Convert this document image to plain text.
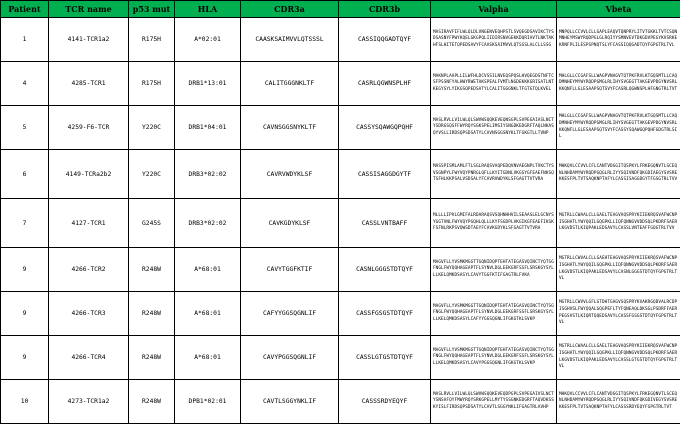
Patient	TCR name	p53 mut	HLA	CDR3a	CDR3b	Valpha	Vbeta
1	4141-TCR1a2	R175H	A*02:01	CAASKSAIMVVLQTSSSL	CASSIQQGADTQYF	MASIRAVFIFLWLQLDLVNGENVEQHPSTLSVQEGDSAVIKCTYSDSASNYFPWYKQELGKGPQLIIDIRSNVGEKKDQRIAVTLNKTAKHFSLHITETQPEDSAVYFCAASKSAIMVVLQTSSSLALCLLSSG	MNPQLLCCVVLCLLGAPLEAQVTQNPRYLITVTGKKLTVTCSQNMNHEYMSWYRQDPGLGLRQIYYSMNVEVTDKGDVPEGYKVSRKEKRNFPLILESPSPNQTSLYFCASSIQQGADTQYFGPGTRLTVL
4	4285-TCR1	R175H	DRB1*13:01	CALITGGGNKLTF	CASRLQGWNSPLHF	MAKNPLAAPLLILWFHLDCVSSILNVEQSPQSLHVQEGDSTNFTCSFPSSNFYALHWYRWETAKSPEALFVMTLNGDEKKKGRISATLNTKEGYSYLYIKGSQPEDSATYLCALITGGGNKLTFGTGTQLKVEL	MHLGLLCCGAFSLLWAGPVNAGVTQTPKFRVLKTGQSMTLLCAQDMNHEYMYWYRQDPGMGLRLIHYSVGEGTTAKGEVPDGYNVSRLKKQNFLLGLESAAPSQTSVYFCASRLQGWNSPLHFGNGTRLTVT
5	4259-F6-TCR	Y220C	DRB1*04:01	CAVNSGGSNYKLTF	CASSYSQAWGQPQHF	MASLRVLLVILWLQLSWVWSQQKEVEQNSGPLSVPEGAIASLNCTYSDRGSQSFFWYRQYSGKSPELIMSIYSNGDKEDGRFTAQLNKASQYVSLLIRDSQPSDSATYLCAVNSGGSNYKLTFGKGTLLTVNP	MHLGLLCCGAFSLLWAGPVNAGVTQTPKFRVLKTGQSMTLLCAQDMNHEYMYWYRQDPGMGLRLIHYSVGEGTTAKGEVPDGYNVSRLKKQNFLLGLESAAPSQTSVYFCASSYSQAWGQPQHFGDGTRLSIL
6	4149-TCRa2b2	Y220C	DRB3*02:02	CAVRVWDYKLSF	CASSISAGGDGYTF	MASSPISMLAMLFTLSGLRAQSVAQPEDQVNVAEGNPLTVKCTYSVSGNPYLFWYVQYPNRGLQFLLKYITGDNLVKGSYGFEAEFNKSQTSFHLKKPSALVSDSALYFCAVRVWDYKLSFGAGTTVTVRA	MHKQVLCCVVLCFLCANTVDGGITQSPKYLFRKEGQNVTLSCEQNLNHDAMYWYRQDPGQGLRLIYYSQIVNDFQKGDIAEGYSVSREKKESFPLTVTSAQKNPTAFYLCASSISAGGDGYTFGSGTRLTVV
7	4127-TCR1	G245S	DRB3*02:02	CAVKGDYKLSF	CASSLVNTBAFF	MLLLLIPVLGMIFALRDARAQSVSQHNHHVILSEAASLELGCNYSYGGTVNLFWYVQYPGQHLQLLLKYFSGDPLVKGIKGFEAEFIKSKFSFNLRKPSVQWSDTAEYFCAVKGDYKLSFGAGTTVTVRA	MGTRLLCWAALCLLGAELTEAGVAQSPRYKIIEKRQSVAFWCNPISGHATLYWYQQILGQGPKLLIQFQNNGVVDDSQLPKDRFSAERLKGVDSTLKIQPAKLEDSAVYLCASSLVNTEAFFGQGTRLTVV
9	4266-TCR2	R248W	A*68:01	CAVYTGGFKTIF	CASNLGGGSTDTQYF	MAGVFLLYVSMKMGGTTGQNIDQPTEHTATEGASVQINCTYQTSGFNGLFWYQQHAGEAPTFLSYNVLDGLEEKGRFSSFLSRSKGYSYLLLKELQMKDSASYLCAVYTGGFKTIFGAGTRLFVKA	MGTRLLCWVALCLLGAEHTEAGVAQSPRYKIIEKRQSVAFWCNPISGHATLYWYQQILGQGPKLLIQFQNNGVVDDSQLPKDRFSAERLKGVDSTLKIQPAKLEDSAVYLCASNLGGGSTDTQYFGPGTRLTVL
9	4266-TCR3	R248W	A*68:01	CAFYYGGSQGNLIF	CASSFGSGSTDTQYF	MAGVFLLYVSMKMGGTTGQNIDQPTEHTATEGASVQINCTYQTSGFNGLFWYQQHAGEAPTFLSYNVLDGLEEKGRFSSFLSRSKGYSYLLLKELQMKDSASYLCAFYYGGSQGNLIFGKGTKLSVKP	MGTRLLCWVVLGFLGTDHTGAGVSQSPRYKVAKRGQDVALRCDPISGHVSLFWYQQALGQGPEFLTYFQNEAQLDKSGLPSDRFFAERPEGSVSTLKIQRTQQEDSAVYLCASSFGSGSTDTQYFGPGTRLTVL
9	4266-TCR4	R248W	A*68:01	CAVYPGGSQGNLIF	CASSLGTGSTDTQYF	MAGVFLLYVSMKMGGTTGQNIDQPTEHTATEGASVQINCTYQTSGFNGLFWYQQHAGEAPTFLSYNVLDGLEEKGRFSSFLSRSKGYSYLLLKELQMKDSASYLCAVYPGGSQGNLIFGKGTKLSVKP	MGTRLLCWAALCLLGAELTEAGVAQSPRYKIIEKRQSVAFWCNPISGHATLYWYQQILGQGPKLLIQFQNNGVVDDSQLPKDRFSAERLKGVDSTLKIQPAKLEDSAVYLCASSLGTGSTDTQYFGPGTRLTVL
10	4273-TCR1a2	R248W	DPB1*02:01	CAVTLSGGYNKLIF	CASSSRDYEQYF	MASLRVLLVILWLQLSWVWSQQKEVEQDPGPLSVPEGAIVSLNCTYSNSAFQYFMWYRQYSRKGPELLMYTYSSGNKEDGRFTAQVDKSSKYISLFIRDSQPSDSATYLCAVTLSGGYNKLIFGAGTRLAVHP	MHKQVLCCVVLCFLCANTVDGGITQSPKYLFRKEGQNVTLSCEQNLNHDAMYWYRQDPGQGLRLIYYSQIVNDFQKGDIVEGYSVSREKKESFPLTVTSAQKNPTAFYLCASSSRDYEQYFGPGTRLTVT
